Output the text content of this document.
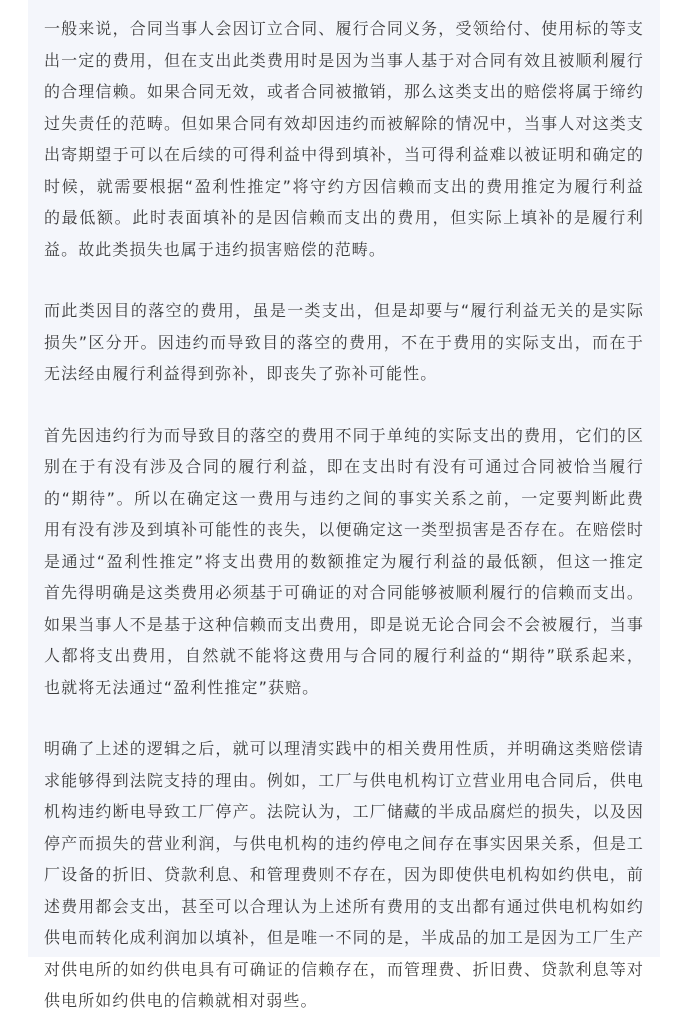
一般来说，合同当事人会因订立合同、履行合同义务，受领给付、使用标的等支出一定的费用，但在支出此类费用时是因为当事人基于对合同有效且被顺利履行的合理信赖。如果合同无效，或者合同被撤销，那么这类支出的赔偿将属于缔约过失责任的范畴。但如果合同有效却因违约而被解除的情况中，当事人对这类支出寄期望于可以在后续的可得利益中得到填补，当可得利益难以被证明和确定的时候，就需要根据“盈利性推定”将守约方因信赖而支出的费用推定为履行利益的最低额。此时表面填补的是因信赖而支出的费用，但实际上填补的是履行利益。故此类损失也属于违约损害赔偿的范畴。

而此类因目的落空的费用，虽是一类支出，但是却要与“履行利益无关的是实际损失”区分开。因违约而导致目的落空的费用，不在于费用的实际支出，而在于无法经由履行利益得到弥补，即丧失了弥补可能性。

首先因违约行为而导致目的落空的费用不同于单纯的实际支出的费用，它们的区别在于有没有涉及合同的履行利益，即在支出时有没有可通过合同被恰当履行的“期待”。所以在确定这一费用与违约之间的事实关系之前，一定要判断此费用有没有涉及到填补可能性的丧失，以便确定这一类型损害是否存在。在赔偿时是通过“盈利性推定”将支出费用的数额推定为履行利益的最低额，但这一推定首先得明确是这类费用必须基于可确证的对合同能够被顺利履行的信赖而支出。如果当事人不是基于这种信赖而支出费用，即是说无论合同会不会被履行，当事人都将支出费用，自然就不能将这费用与合同的履行利益的“期待”联系起来，也就将无法通过“盈利性推定”获赔。

明确了上述的逻辑之后，就可以理清实践中的相关费用性质，并明确这类赔偿请求能够得到法院支持的理由。例如，工厂与供电机构订立营业用电合同后，供电机构违约断电导致工厂停产。法院认为，工厂储藏的半成品腐烂的损失，以及因停产而损失的营业利润，与供电机构的违约停电之间存在事实因果关系，但是工厂设备的折旧、贷款利息、和管理费则不存在，因为即使供电机构如约供电，前述费用都会支出，甚至可以合理认为上述所有费用的支出都有通过供电机构如约供电而转化成利润加以填补，但是唯一不同的是，半成品的加工是因为工厂生产对供电所的如约供电具有可确证的信赖存在，而管理费、折旧费、贷款利息等对供电所如约供电的信赖就相对弱些。
